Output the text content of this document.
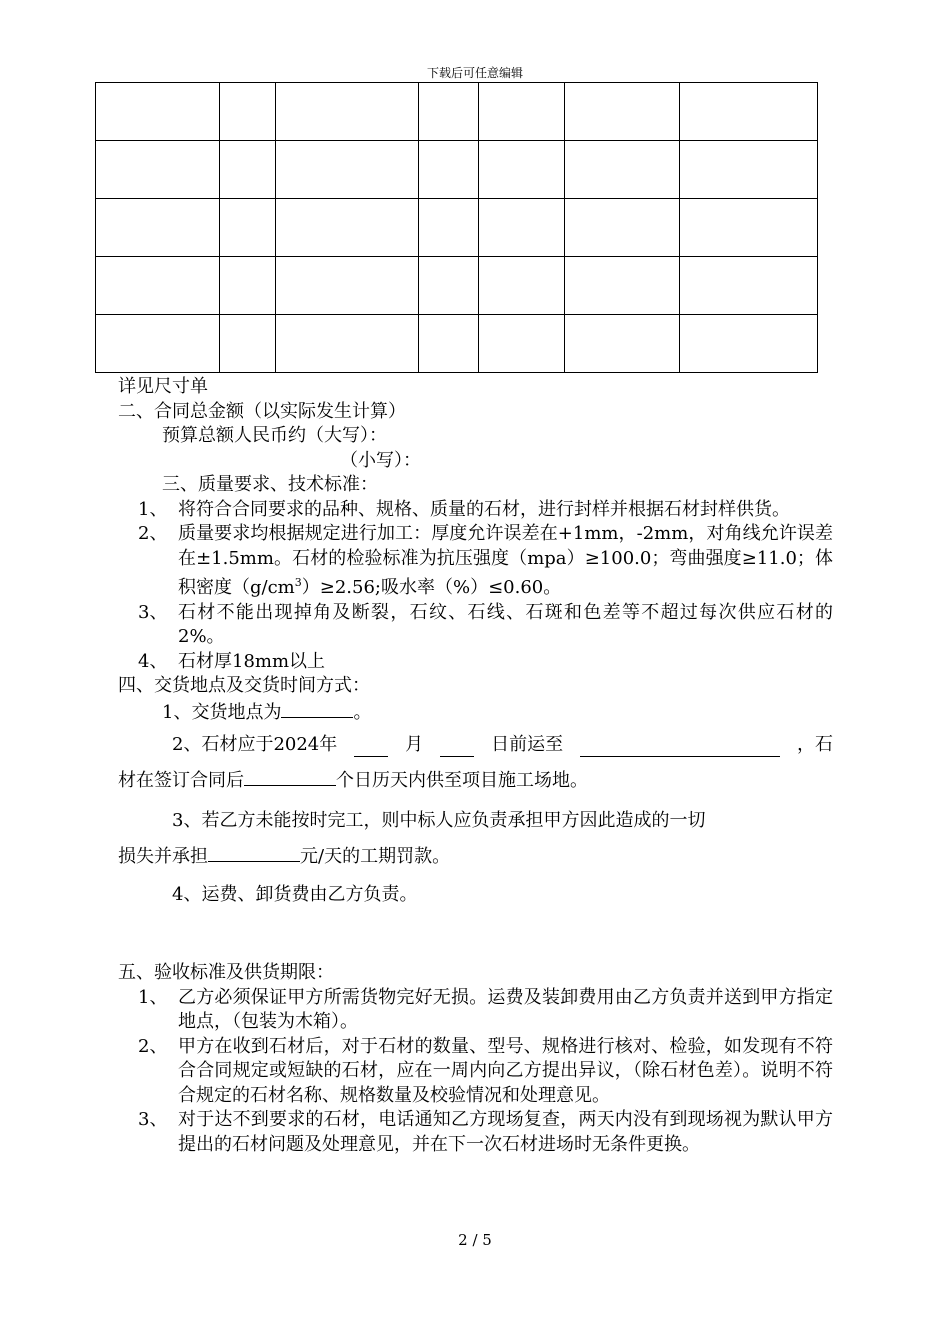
下载后可任意编辑

详见尺寸单

二、合同总金额（以实际发生计算）

预算总额人民币约（大写）：

（小写）：

三、质量要求、技术标准：

1、 将符合合同要求的品种、规格、质量的石材，进行封样并根据石材封样供货。
2、 质量要求均根据规定进行加工：厚度允许误差在+1mm，-2mm，对角线允许误差在±1.5mm。石材的检验标准为抗压强度（mpa）≥100.0；弯曲强度≥11.0；体积密度$(g/cm^3)\ge 2.56$;吸水率（%）≤0.60。
3、 石材不能出现掉角及断裂，石纹、石线、石斑和色差等不超过每次供应石材的2%。
4、 石材厚18mm以上

四、交货地点及交货时间方式：

1、交货地点为	。

2、石材应于2024年	月	日前运至	，石

材在签订合同后	个日历天内供至项目施工场地。

3、若乙方未能按时完工，则中标人应负责承担甲方因此造成的一切

损失并承担	元/天的工期罚款。

4、运费、卸货费由乙方负责。

五、验收标准及供货期限：

1、 乙方必须保证甲方所需货物完好无损。运费及装卸费用由乙方负责并送到甲方指定地点，（包装为木箱）。
2、 甲方在收到石材后，对于石材的数量、型号、规格进行核对、检验，如发现有不符合合同规定或短缺的石材，应在一周内向乙方提出异议，（除石材色差）。说明不符合规定的石材名称、规格数量及校验情况和处理意见。
3、 对于达不到要求的石材，电话通知乙方现场复查，两天内没有到现场视为默认甲方提出的石材问题及处理意见，并在下一次石材进场时无条件更换。
2 / 5
